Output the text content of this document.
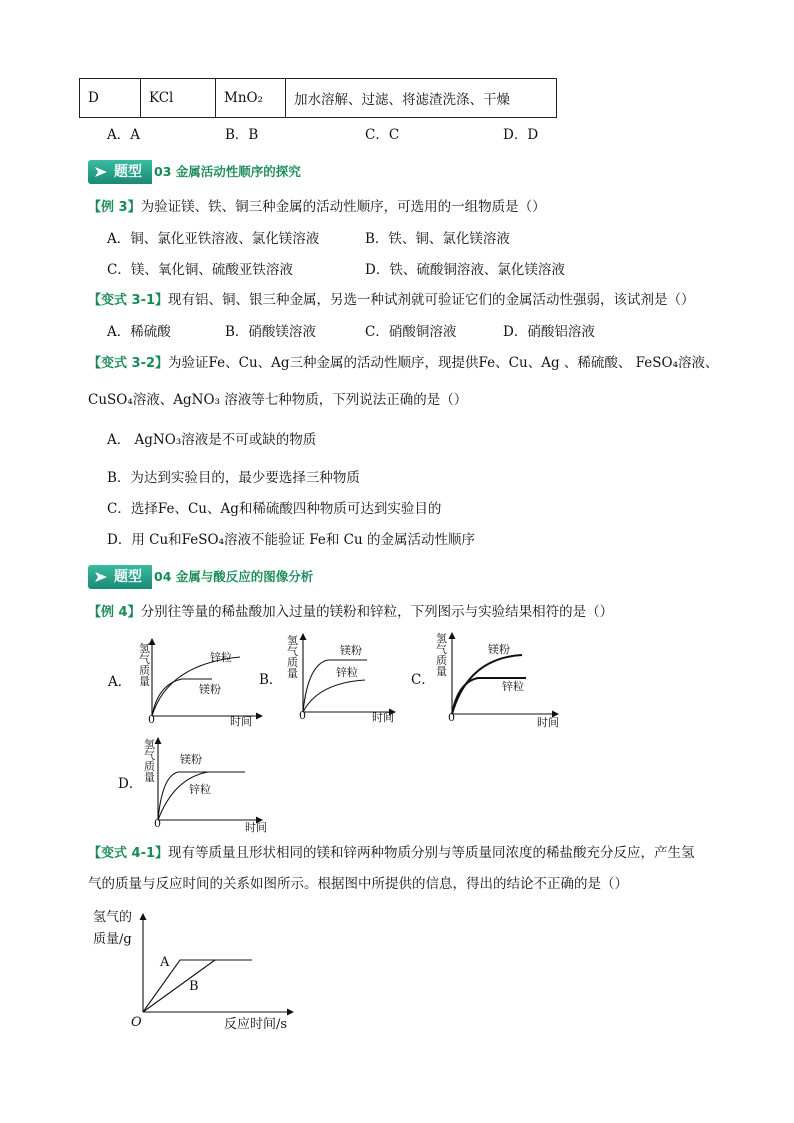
D	KCl	MnO₂	加水溶解、过滤、将滤渣洗涤、干燥
A．A	B．B	C．C	D．D
题型 03 金属活动性顺序的探究
【例 3】为验证镁、铁、铜三种金属的活动性顺序，可选用的一组物质是（）
A．铜、氯化亚铁溶液、氯化镁溶液	B．铁、铜、氯化镁溶液
C．镁、氧化铜、硫酸亚铁溶液	D．铁、硫酸铜溶液、氯化镁溶液
【变式 3-1】现有铝、铜、银三种金属，另选一种试剂就可验证它们的金属活动性强弱，该试剂是（）
A．稀硫酸	B．硝酸镁溶液	C．硝酸铜溶液	D．硝酸铝溶液
【变式 3-2】为验证Fe、Cu、Ag三种金属的活动性顺序，现提供Fe、Cu、Ag 、稀硫酸、 FeSO₄溶液、
CuSO₄溶液、AgNO₃ 溶液等七种物质，下列说法正确的是（）
A． AgNO₃溶液是不可或缺的物质
B．为达到实验目的，最少要选择三种物质
C．选择Fe、Cu、Ag和稀硫酸四种物质可达到实验目的
D．用 Cu和FeSO₄溶液不能验证 Fe和 Cu 的金属活动性顺序
题型 04 金属与酸反应的图像分析
【例 4】分别往等量的稀盐酸加入过量的镁粉和锌粒，下列图示与实验结果相符的是（）
A．
氢气质量
0	时间
锌粒
镁粉
B．
氢气质量
0	时间
镁粉
锌粒	C．
氢气质量
0	时间
镁粉
锌粒
D．
氢气质量
0	时间
镁粉
锌粒
【变式 4-1】现有等质量且形状相同的镁和锌两种物质分别与等质量同浓度的稀盐酸充分反应，产生氢
气的质量与反应时间的关系如图所示。根据图中所提供的信息，得出的结论不正确的是（）
氢气的
质量/g
A
B
O	反应时间/s
